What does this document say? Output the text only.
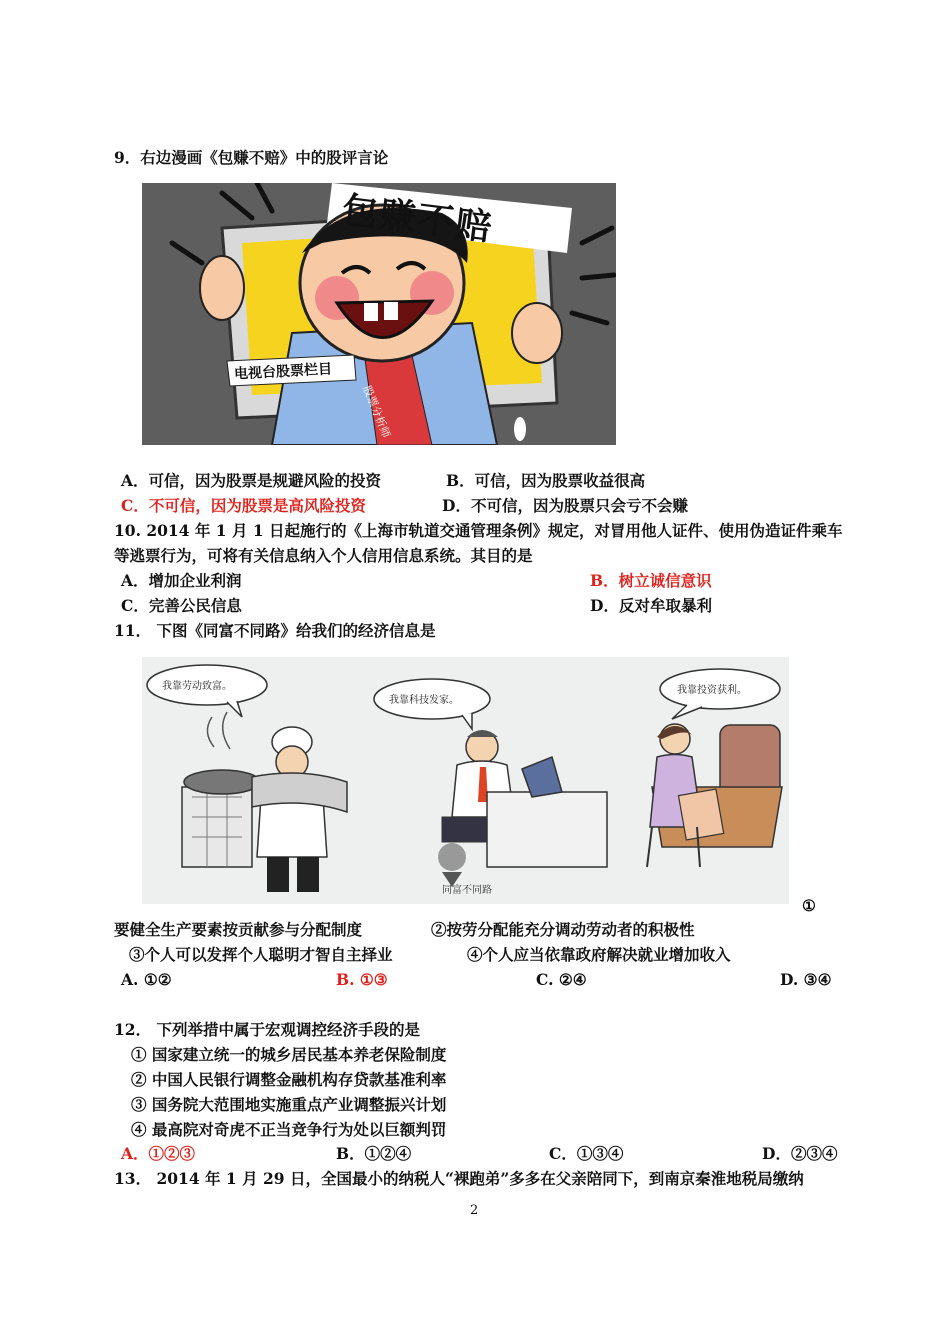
9．右边漫画《包赚不赔》中的股评言论
包赚不赔
电视台股票栏目
股票分析师
A．可信，因为股票是规避风险的投资	B．可信，因为股票收益很高
C．不可信，因为股票是高风险投资	D．不可信，因为股票只会亏不会赚
10. 2014 年 1 月 1 日起施行的《上海市轨道交通管理条例》规定，对冒用他人证件、使用伪造证件乘车
等逃票行为，可将有关信息纳入个人信用信息系统。其目的是
A．增加企业利润	B．树立诚信意识
C．完善公民信息	D．反对牟取暴利
11． 下图《同富不同路》给我们的经济信息是
我靠劳动致富。
我靠科技发家。
我靠投资获利。
同富不同路
①
要健全生产要素按贡献参与分配制度	②按劳分配能充分调动劳动者的积极性
③个人可以发挥个人聪明才智自主择业	④个人应当依靠政府解决就业增加收入
A. ①②	B. ①③	C. ②④	D. ③④
12． 下列举措中属于宏观调控经济手段的是
① 国家建立统一的城乡居民基本养老保险制度
② 中国人民银行调整金融机构存贷款基准利率
③ 国务院大范围地实施重点产业调整振兴计划
④ 最高院对奇虎不正当竞争行为处以巨额判罚
A．①②③	B．①②④	C．①③④	D．②③④
13． 2014 年 1 月 29 日，全国最小的纳税人“裸跑弟”多多在父亲陪同下，到南京秦淮地税局缴纳
2
